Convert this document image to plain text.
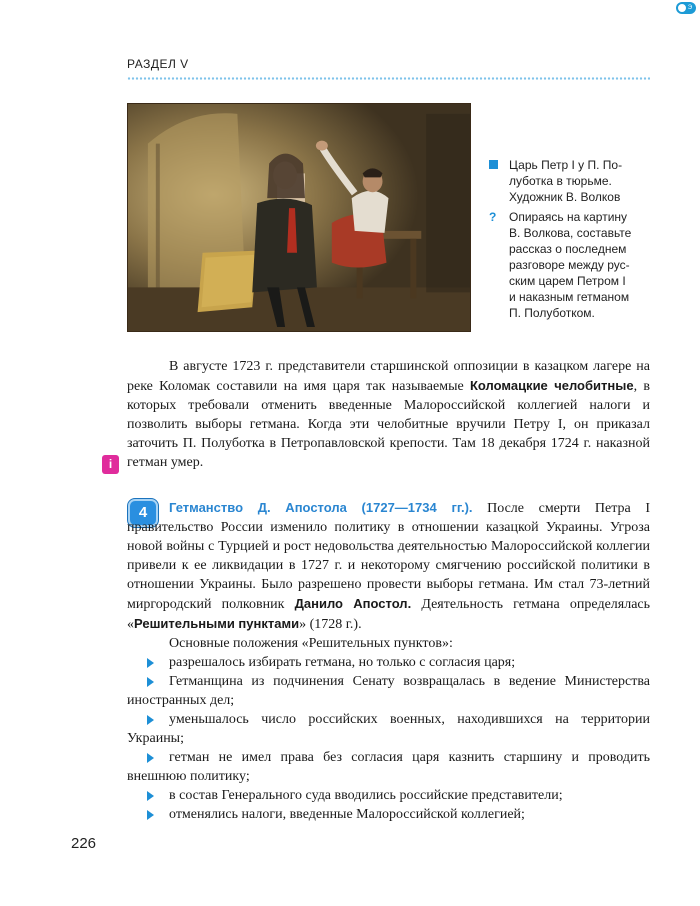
Э
РАЗДЕЛ V

Царь Петр I у П. По-
луботка в тюрьме.
Художник В. Волков

? Опираясь на картину
В. Волкова, составьте
рассказ о последнем
разговоре между рус-
ским царем Петром I
и наказным гетманом
П. Полуботком.

i

В августе 1723 г. представители старшинской оппозиции в казацком лагере на реке Коломак составили на имя царя так называемые Коломацкие челобитные, в которых требовали отменить введенные Малороссийской коллегией налоги и позволить выборы гетмана. Когда эти челобитные вручили Петру I, он приказал заточить П. Полуботка в Петропавловской крепости. Там 18 декабря 1724 г. наказной гетман умер.

4	Гетманство Д. Апостола (1727—1734 гг.). После смерти Петра I правительство России изменило политику в отношении казацкой Украины. Угроза новой войны с Турцией и рост недовольства деятельностью Малороссийской коллегии привели к ее ликвидации в 1727 г. и некоторому смягчению российской политики в отношении Украины. Было разрешено провести выборы гетмана. Им стал 73-летний миргородский полковник Данило Апостол. Деятельность гетмана определялась «Решительными пунктами» (1728 г.).

Основные положения «Решительных пунктов»:

разрешалось избирать гетмана, но только с согласия царя;
Гетманщина из подчинения Сенату возвращалась в ведение Министерства иностранных дел;
уменьшалось число российских военных, находившихся на территории Украины;
гетман не имел права без согласия царя казнить старшину и проводить внешнюю политику;
в состав Генерального суда вводились российские представители;
отменялись налоги, введенные Малороссийской коллегией;
226
